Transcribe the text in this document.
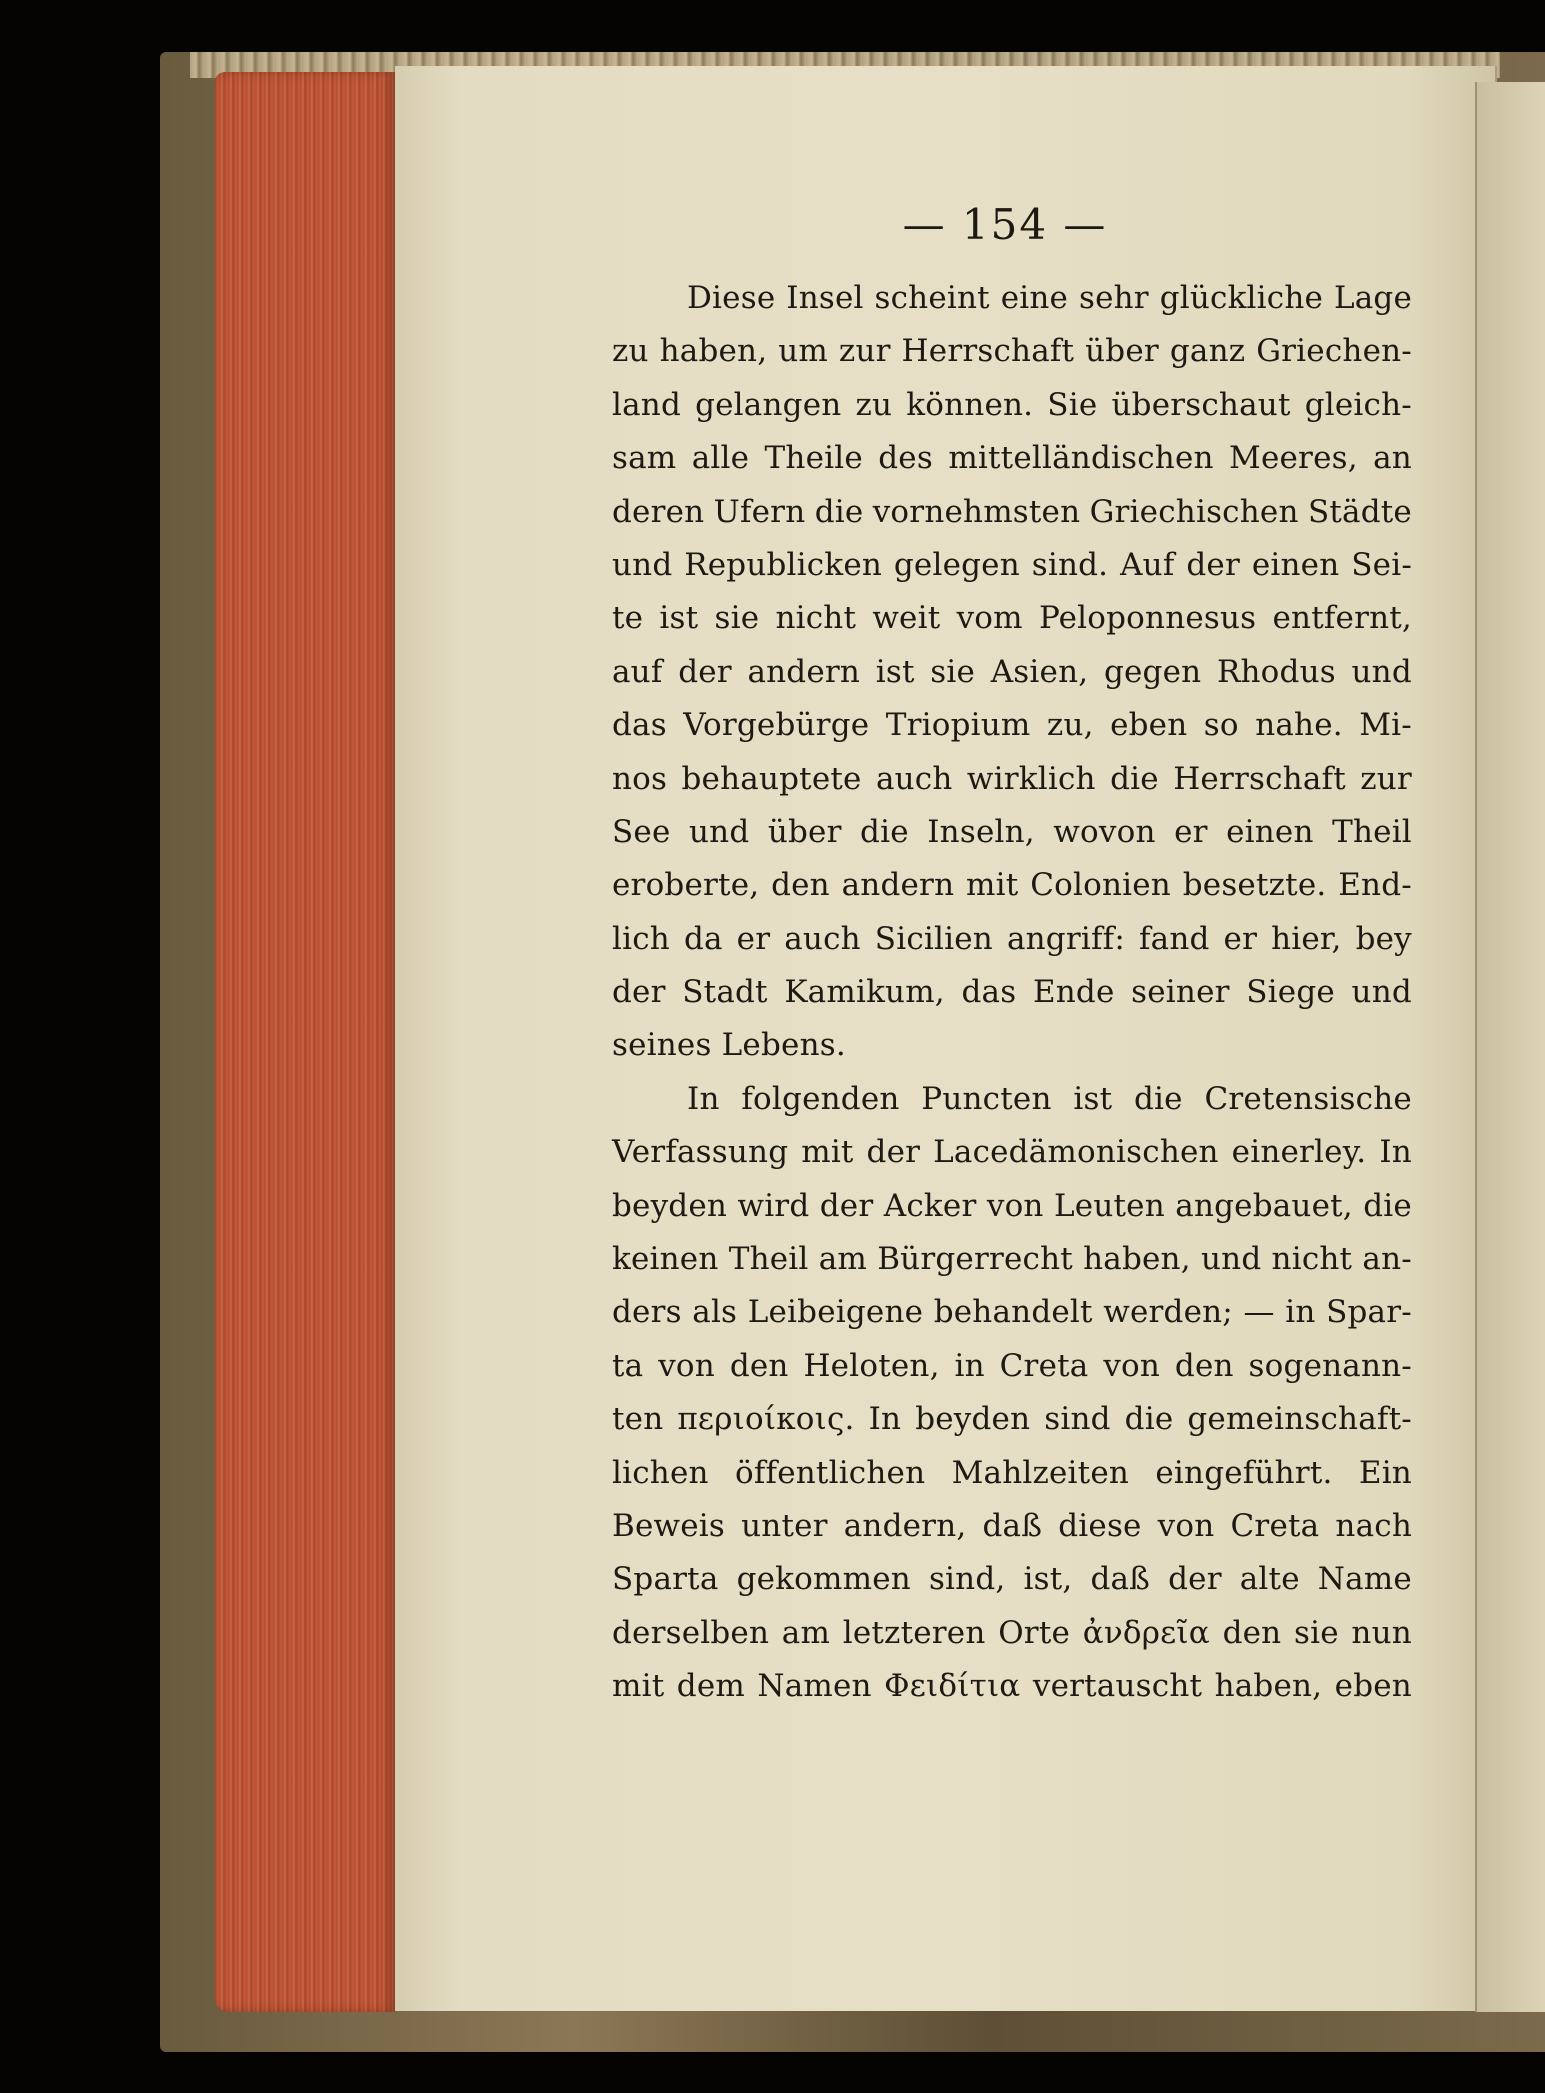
— 154 —
Diese Insel scheint eine sehr glückliche Lage
zu haben, um zur Herrschaft über ganz Griechen-
land gelangen zu können. Sie überschaut gleich-
sam alle Theile des mittelländischen Meeres, an
deren Ufern die vornehmsten Griechischen Städte
und Republicken gelegen sind. Auf der einen Sei-
te ist sie nicht weit vom Peloponnesus entfernt,
auf der andern ist sie Asien, gegen Rhodus und
das Vorgebürge Triopium zu, eben so nahe. Mi-
nos behauptete auch wirklich die Herrschaft zur
See und über die Inseln, wovon er einen Theil
eroberte, den andern mit Colonien besetzte. End-
lich da er auch Sicilien angriff: fand er hier, bey
der Stadt Kamikum, das Ende seiner Siege und
seines Lebens.
In folgenden Puncten ist die Cretensische
Verfassung mit der Lacedämonischen einerley. In
beyden wird der Acker von Leuten angebauet, die
keinen Theil am Bürgerrecht haben, und nicht an-
ders als Leibeigene behandelt werden; — in Spar-
ta von den Heloten, in Creta von den sogenann-
ten περιοίκοις. In beyden sind die gemeinschaft-
lichen öffentlichen Mahlzeiten eingeführt. Ein
Beweis unter andern, daß diese von Creta nach
Sparta gekommen sind, ist, daß der alte Name
derselben am letzteren Orte ἀνδρεῖα den sie nun
mit dem Namen Φειδίτια vertauscht haben, eben
